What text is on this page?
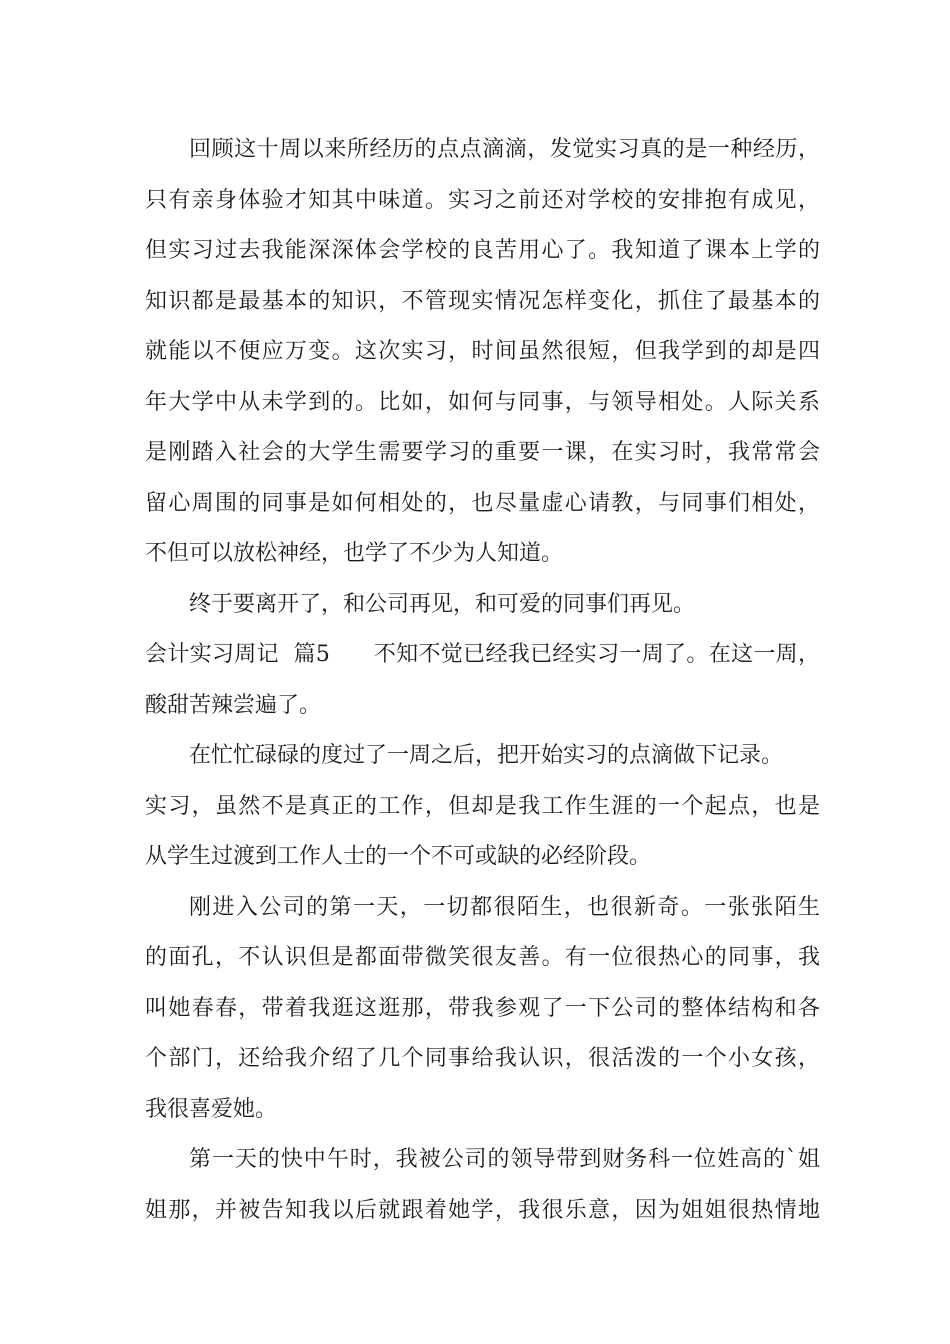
回顾这十周以来所经历的点点滴滴，发觉实习真的是一种经历，
只有亲身体验才知其中味道。实习之前还对学校的安排抱有成见，
但实习过去我能深深体会学校的良苦用心了。我知道了课本上学的
知识都是最基本的知识，不管现实情况怎样变化，抓住了最基本的
就能以不便应万变。这次实习，时间虽然很短，但我学到的却是四
年大学中从未学到的。比如，如何与同事，与领导相处。人际关系
是刚踏入社会的大学生需要学习的重要一课，在实习时，我常常会
留心周围的同事是如何相处的，也尽量虚心请教，与同事们相处，
不但可以放松神经，也学了不少为人知道。
终于要离开了，和公司再见，和可爱的同事们再见。
会计实习周记  篇5      不知不觉已经我已经实习一周了。在这一周，
酸甜苦辣尝遍了。
在忙忙碌碌的度过了一周之后，把开始实习的点滴做下记录。
实习，虽然不是真正的工作，但却是我工作生涯的一个起点，也是
从学生过渡到工作人士的一个不可或缺的必经阶段。
刚进入公司的第一天，一切都很陌生，也很新奇。一张张陌生
的面孔，不认识但是都面带微笑很友善。有一位很热心的同事，我
叫她春春，带着我逛这逛那，带我参观了一下公司的整体结构和各
个部门，还给我介绍了几个同事给我认识，很活泼的一个小女孩，
我很喜爱她。
第一天的快中午时，我被公司的领导带到财务科一位姓高的`姐
姐那，并被告知我以后就跟着她学，我很乐意，因为姐姐很热情地
